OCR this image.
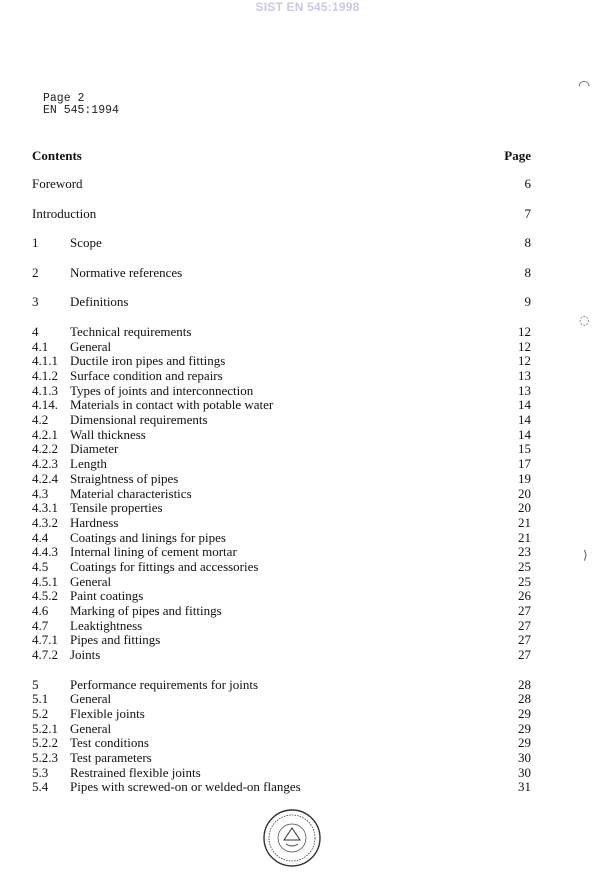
SIST EN 545:1998
Page 2
EN 545:1994
Contents	Page
Foreword	6
Introduction	7
1 Scope	8
2 Normative references	8
3 Definitions	9
4 Technical requirements	12
4.1 General	12
4.1.1 Ductile iron pipes and fittings	12
4.1.2 Surface condition and repairs	13
4.1.3 Types of joints and interconnection	13
4.14. Materials in contact with potable water	14
4.2 Dimensional requirements	14
4.2.1 Wall thickness	14
4.2.2 Diameter	15
4.2.3 Length	17
4.2.4 Straightness of pipes	19
4.3 Material characteristics	20
4.3.1 Tensile properties	20
4.3.2 Hardness	21
4.4 Coatings and linings for pipes	21
4.4.3 Internal lining of cement mortar	23
4.5 Coatings for fittings and accessories	25
4.5.1 General	25
4.5.2 Paint coatings	26
4.6 Marking of pipes and fittings	27
4.7 Leaktightness	27
4.7.1 Pipes and fittings	27
4.7.2 Joints	27
5 Performance requirements for joints	28
5.1 General	28
5.2 Flexible joints	29
5.2.1 General	29
5.2.2 Test conditions	29
5.2.3 Test parameters	30
5.3 Restrained flexible joints	30
5.4 Pipes with screwed-on or welded-on flanges	31
◠
◌
⟩
